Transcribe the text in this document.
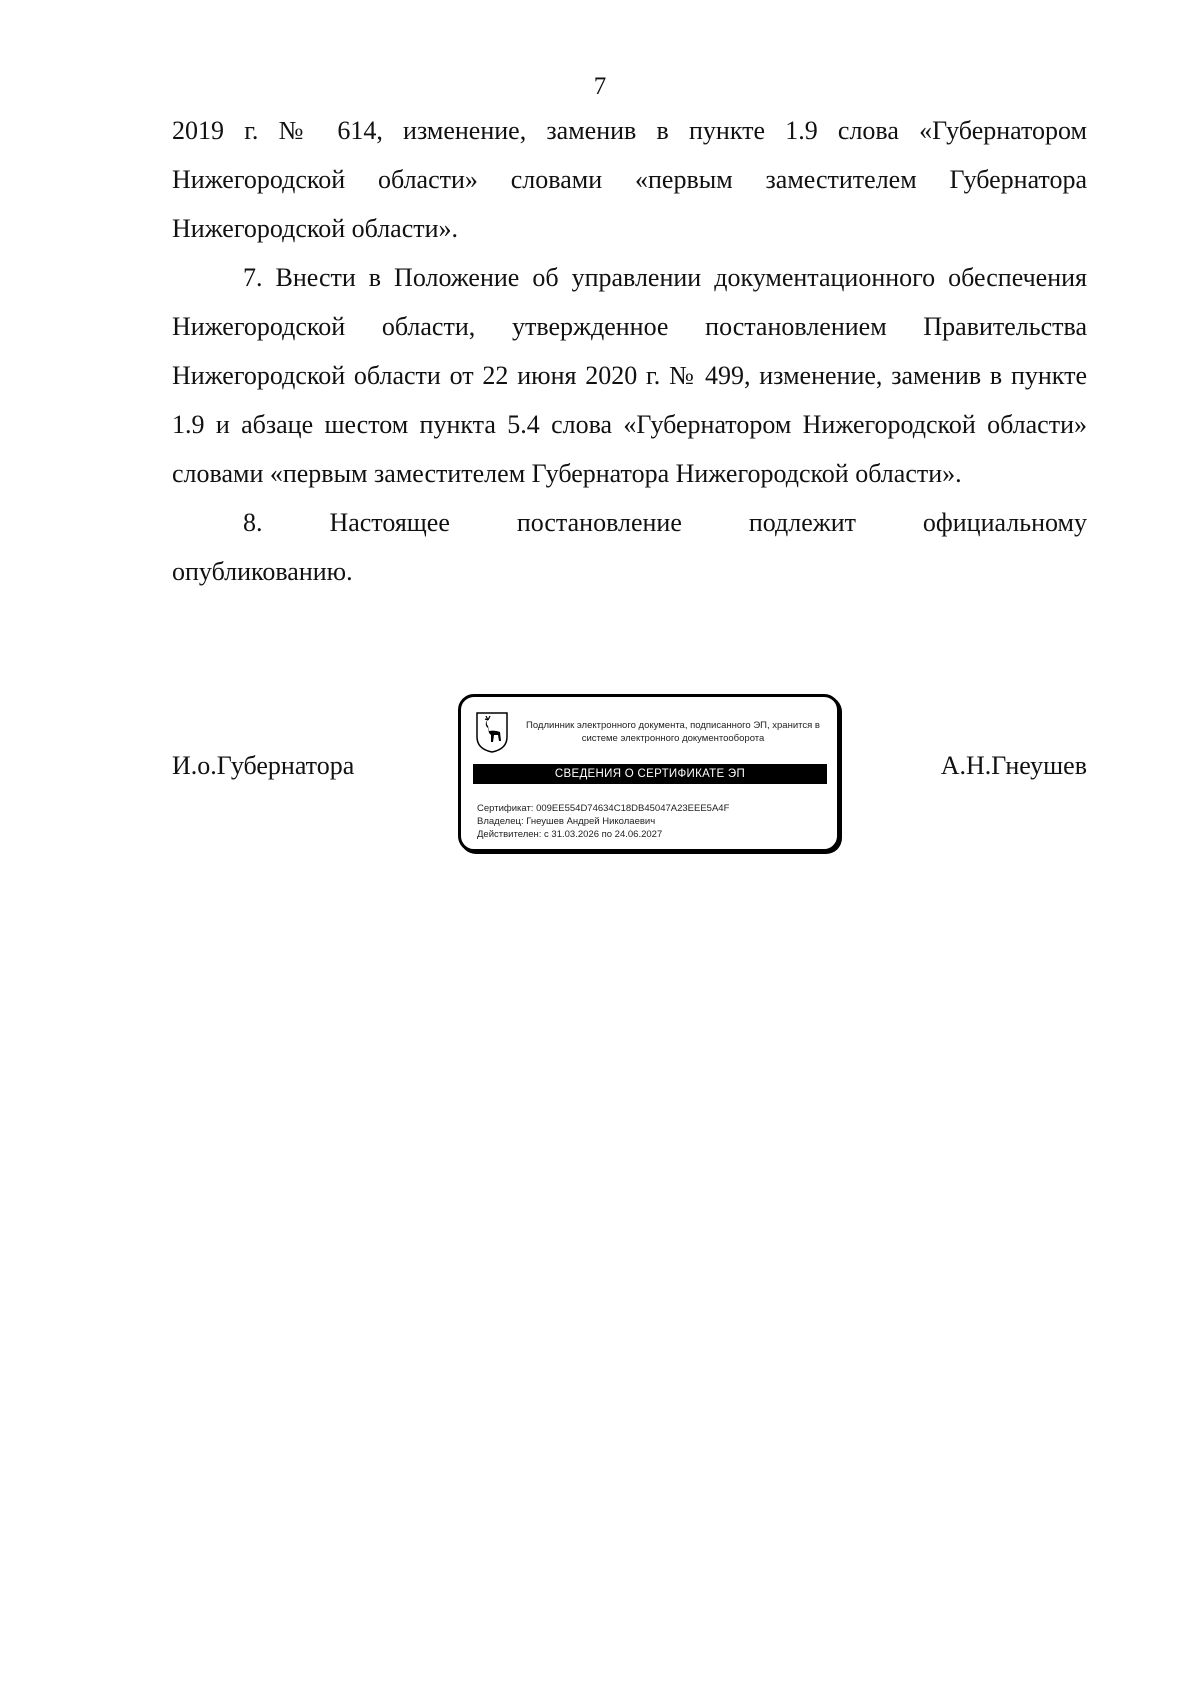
7

2019 г. № 614, изменение, заменив в пункте 1.9 слова «Губернатором Нижегородской области» словами «первым заместителем Губернатора Нижегородской области».

7. Внести в Положение об управлении документационного обеспечения Нижегородской области, утвержденное постановлением Правительства Нижегородской области от 22 июня 2020 г. № 499, изменение, заменив в пункте 1.9 и абзаце шестом пункта 5.4 слова «Губернатором Нижегородской области» словами «первым заместителем Губернатора Нижегородской области».

8.	Настоящее	постановление	подлежит	официальному
опубликованию.
И.о.Губернатора	А.Н.Гнеушев
Подлинник электронного документа, подписанного ЭП, хранится в системе электронного документооборота
СВЕДЕНИЯ О СЕРТИФИКАТЕ ЭП
Сертификат: 009EE554D74634C18DB45047A23EEE5A4F
Владелец: Гнеушев Андрей Николаевич
Действителен: с 31.03.2026 по 24.06.2027
